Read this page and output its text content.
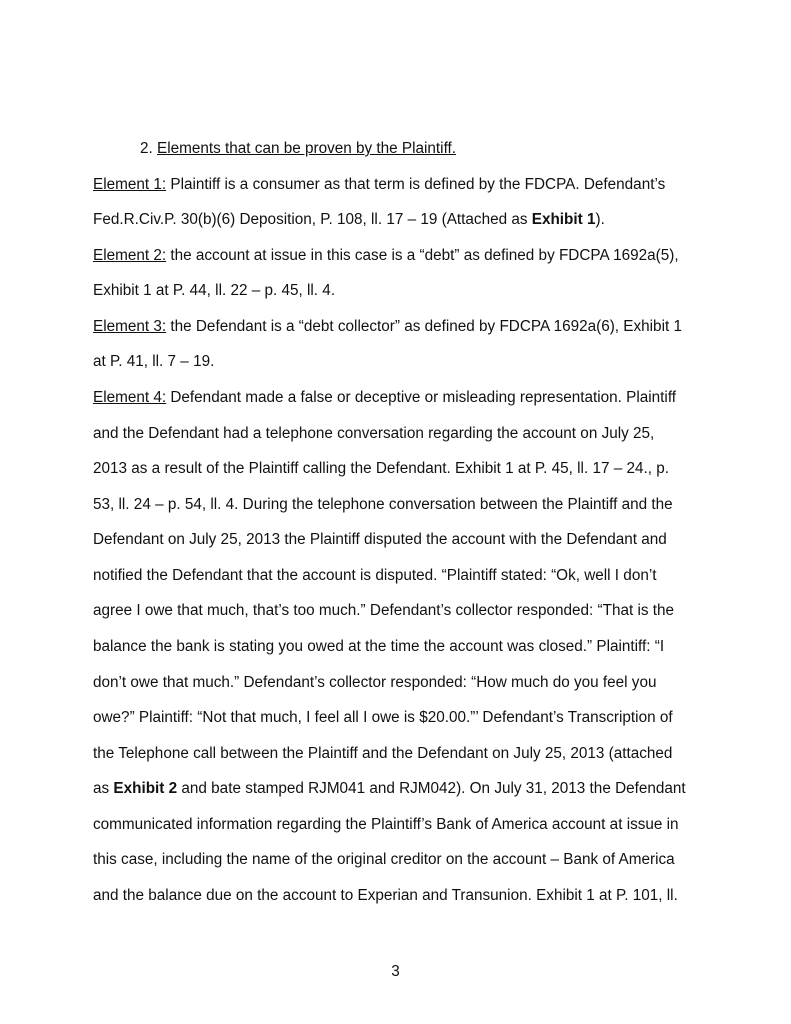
2. Elements that can be proven by the Plaintiff.
Element 1: Plaintiff is a consumer as that term is defined by the FDCPA. Defendant’s
Fed.R.Civ.P. 30(b)(6) Deposition, P. 108, ll. 17 – 19 (Attached as Exhibit 1).
Element 2: the account at issue in this case is a “debt” as defined by FDCPA 1692a(5),
Exhibit 1 at P. 44, ll. 22 – p. 45, ll. 4.
Element 3: the Defendant is a “debt collector” as defined by FDCPA 1692a(6), Exhibit 1
at P. 41, ll. 7 – 19.
Element 4: Defendant made a false or deceptive or misleading representation. Plaintiff
and the Defendant had a telephone conversation regarding the account on July 25,
2013 as a result of the Plaintiff calling the Defendant. Exhibit 1 at P. 45, ll. 17 – 24., p.
53, ll. 24 – p. 54, ll. 4. During the telephone conversation between the Plaintiff and the
Defendant on July 25, 2013 the Plaintiff disputed the account with the Defendant and
notified the Defendant that the account is disputed. “Plaintiff stated: “Ok, well I don’t
agree I owe that much, that’s too much.” Defendant’s collector responded: “That is the
balance the bank is stating you owed at the time the account was closed.” Plaintiff: “I
don’t owe that much.” Defendant’s collector responded: “How much do you feel you
owe?” Plaintiff: “Not that much, I feel all I owe is $20.00.”’ Defendant’s Transcription of
the Telephone call between the Plaintiff and the Defendant on July 25, 2013 (attached
as Exhibit 2 and bate stamped RJM041 and RJM042). On July 31, 2013 the Defendant
communicated information regarding the Plaintiff’s Bank of America account at issue in
this case, including the name of the original creditor on the account – Bank of America
and the balance due on the account to Experian and Transunion. Exhibit 1 at P. 101, ll.
3
